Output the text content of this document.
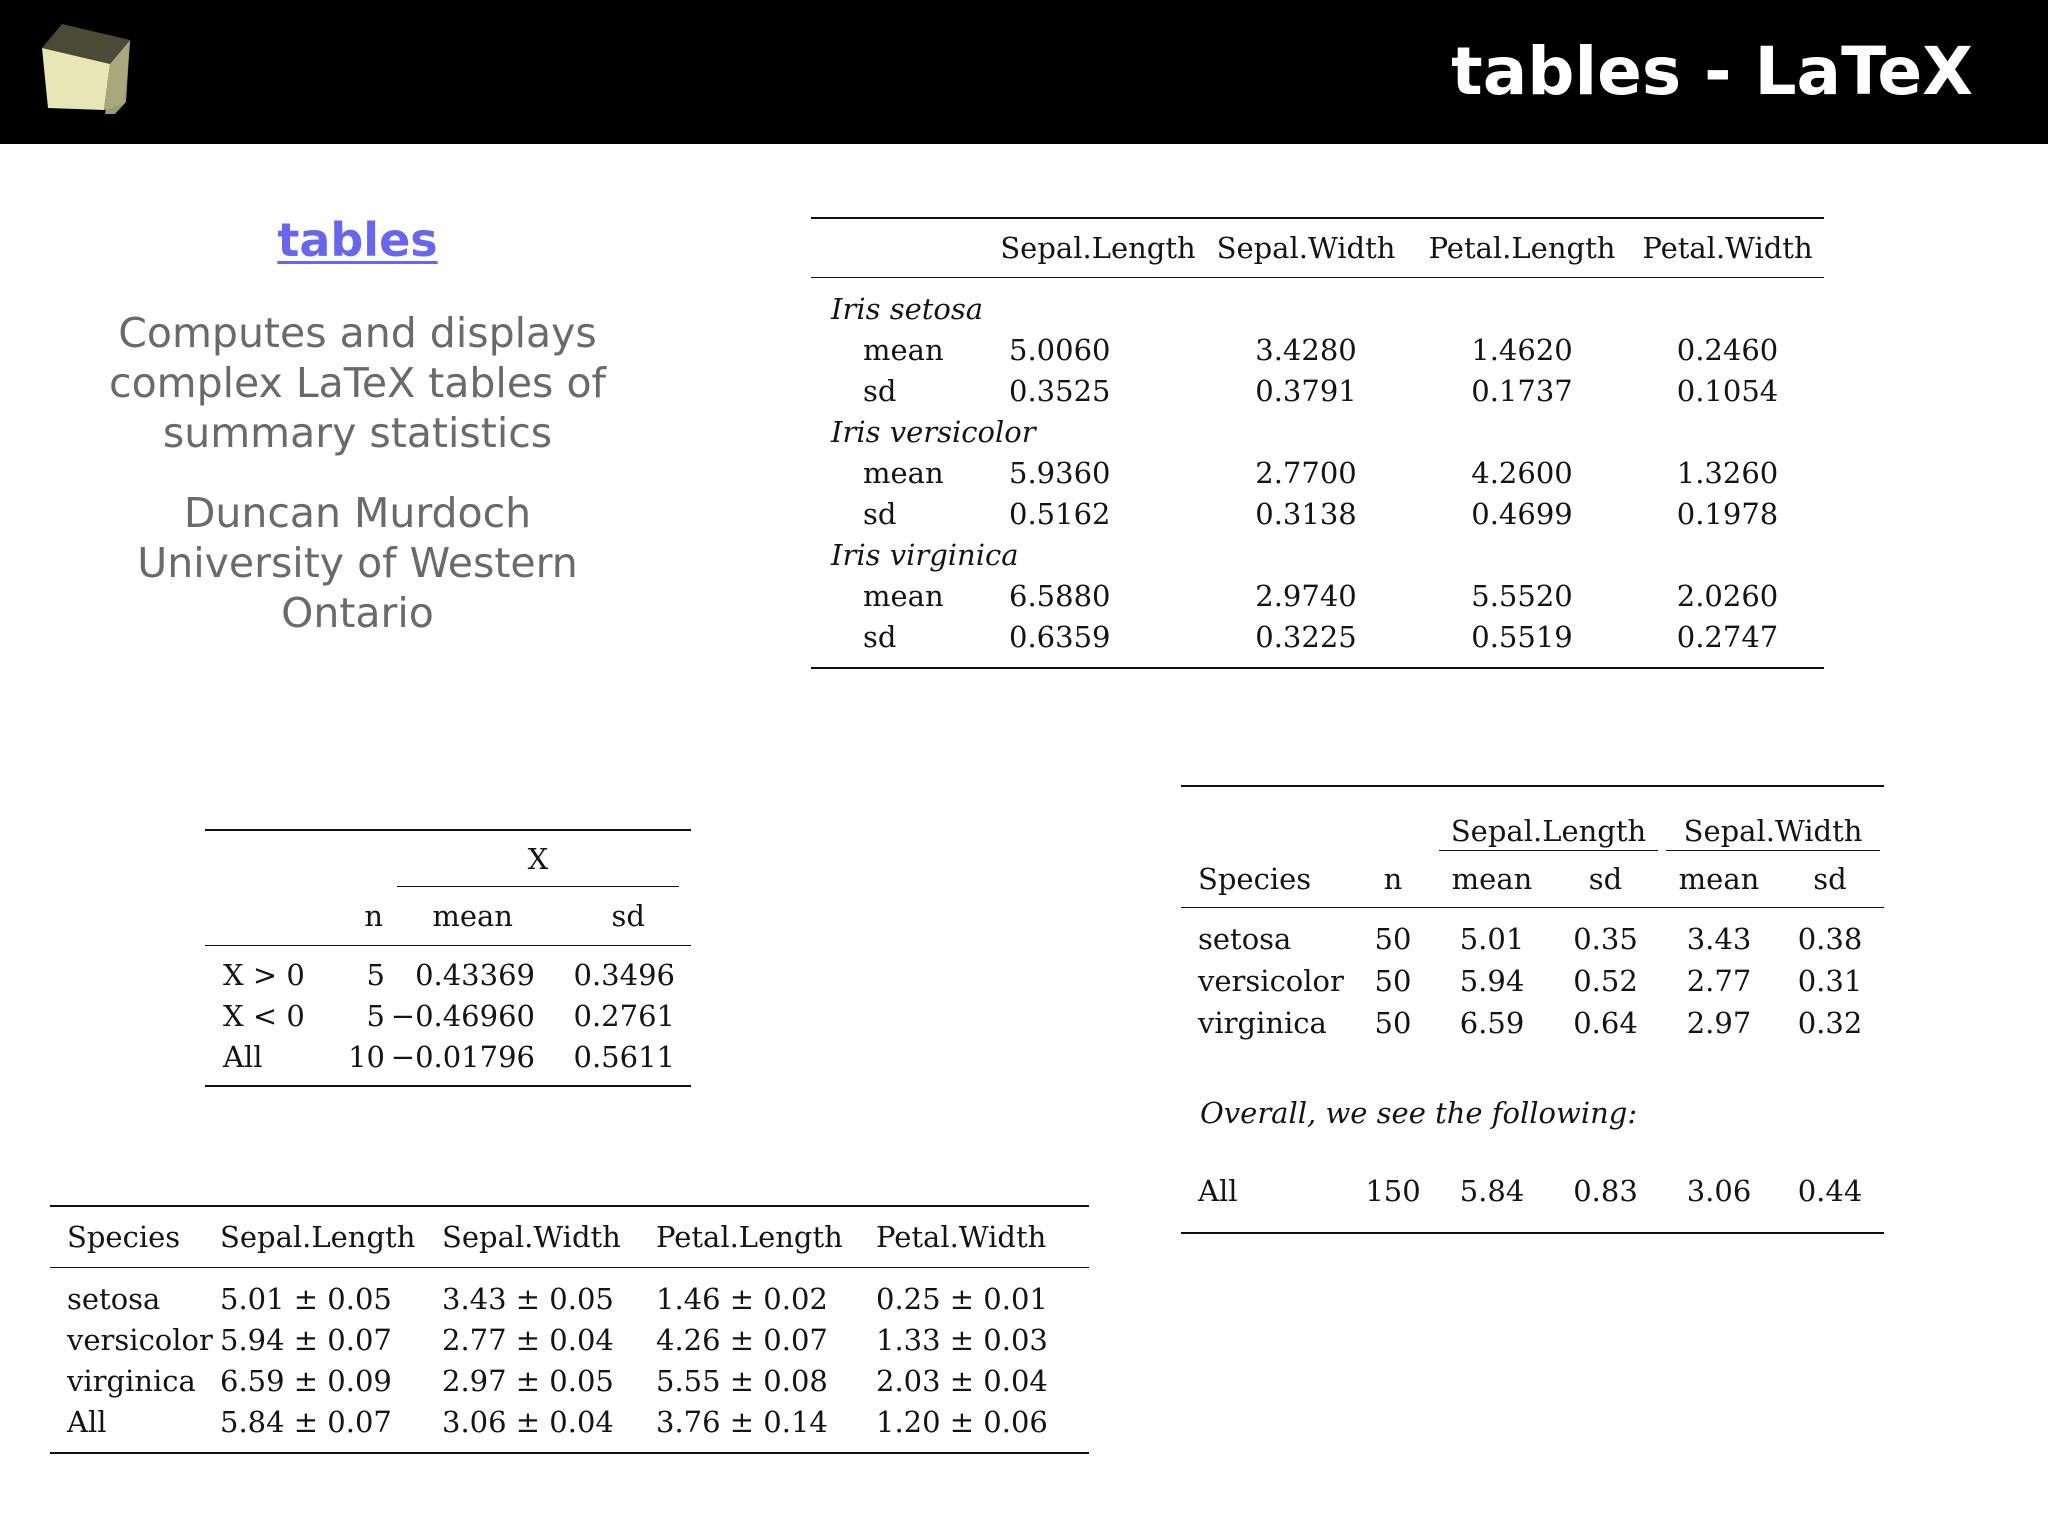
tables - LaTeX
tables
Computes and displays
complex LaTeX tables of
summary statistics
Duncan Murdoch
University of Western
Ontario
	Sepal.Length	Sepal.Width	Petal.Length	Petal.Width
Iris setosa				
mean	5.0060	3.4280	1.4620	0.2460
sd	0.3525	0.3791	0.1737	0.1054
Iris versicolor				
mean	5.9360	2.7700	4.2600	1.3260
sd	0.5162	0.3138	0.4699	0.1978
Iris virginica				
mean	6.5880	2.9740	5.5520	2.0260
sd	0.6359	0.3225	0.5519	0.2747

		X	

	n	mean	sd
X > 0	5	0.43369	0.3496
X < 0	5	−0.46960	0.2761
All	10	−0.01796	0.5611

		Sepal.Length		Sepal.Width	

Species	n	mean	sd	mean	sd
setosa	50	5.01	0.35	3.43	0.38
versicolor	50	5.94	0.52	2.77	0.31
virginica	50	6.59	0.64	2.97	0.32
Overall, we see the following:					
All	150	5.84	0.83	3.06	0.44
Species	Sepal.Length	Sepal.Width	Petal.Length	Petal.Width
setosa	5.01 ± 0.05	3.43 ± 0.05	1.46 ± 0.02	0.25 ± 0.01
versicolor	5.94 ± 0.07	2.77 ± 0.04	4.26 ± 0.07	1.33 ± 0.03
virginica	6.59 ± 0.09	2.97 ± 0.05	5.55 ± 0.08	2.03 ± 0.04
All	5.84 ± 0.07	3.06 ± 0.04	3.76 ± 0.14	1.20 ± 0.06
